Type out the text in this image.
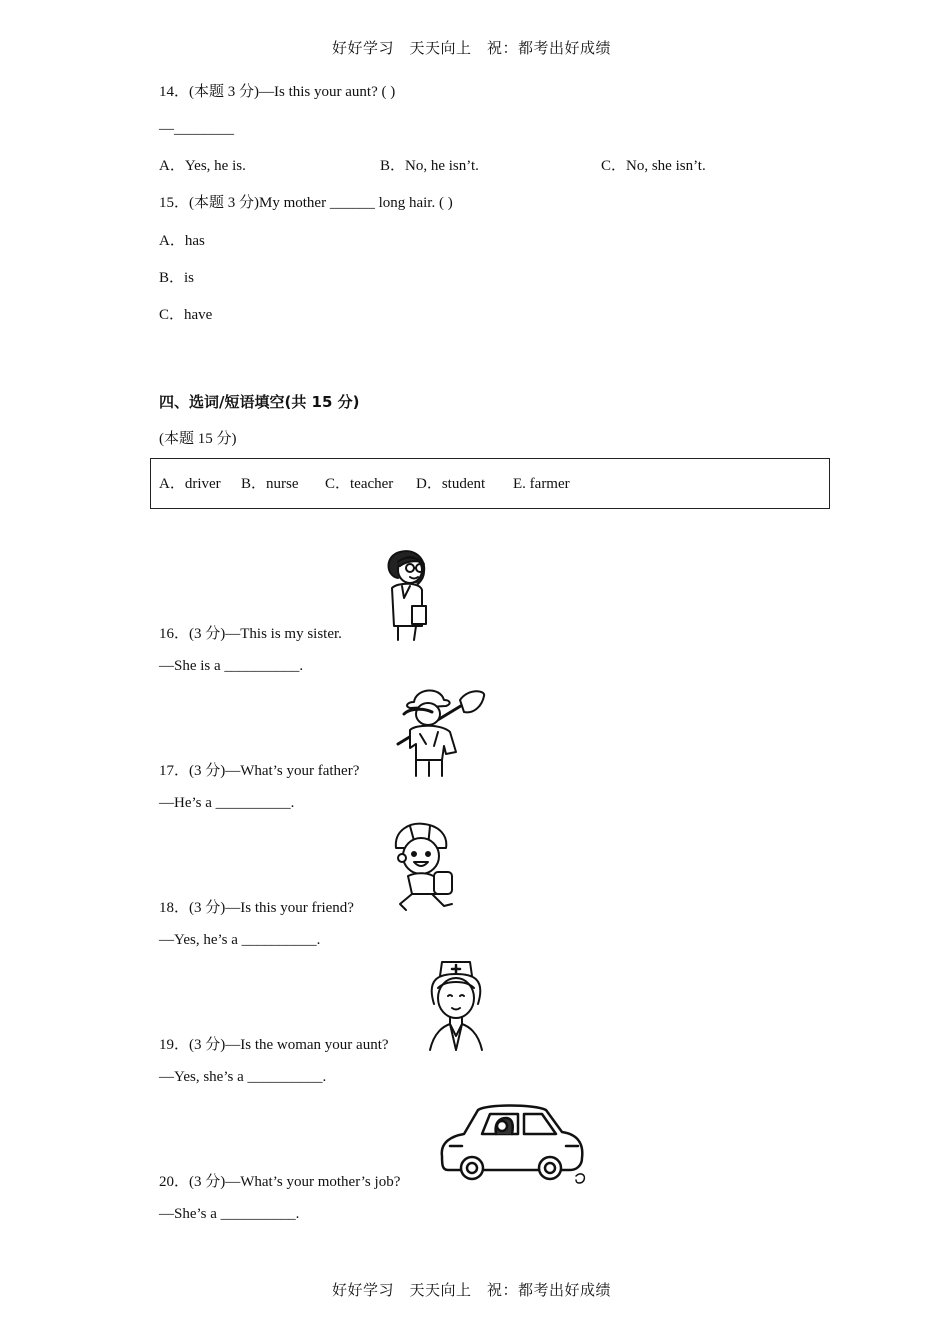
好好学习　天天向上　祝：都考出好成绩
14．(本题 3 分)—Is this your aunt? ( )
—________
A．Yes, he is.	B．No, he isn’t.	C．No, she isn’t.
15．(本题 3 分)My mother ______ long hair. ( )
A．has
B．is
C．have
四、选词/短语填空(共 15 分)
(本题 15 分)
A．driver B．nurse C．teacher D．student E. farmer
16．(3 分)—This is my sister.
—She is a __________.
17．(3 分)—What’s your father?
—He’s a __________.
18．(3 分)—Is this your friend?
—Yes, he’s a __________.
19．(3 分)—Is the woman your aunt?
—Yes, she’s a __________.
20．(3 分)—What’s your mother’s job?
—She’s a __________.
好好学习　天天向上　祝：都考出好成绩
